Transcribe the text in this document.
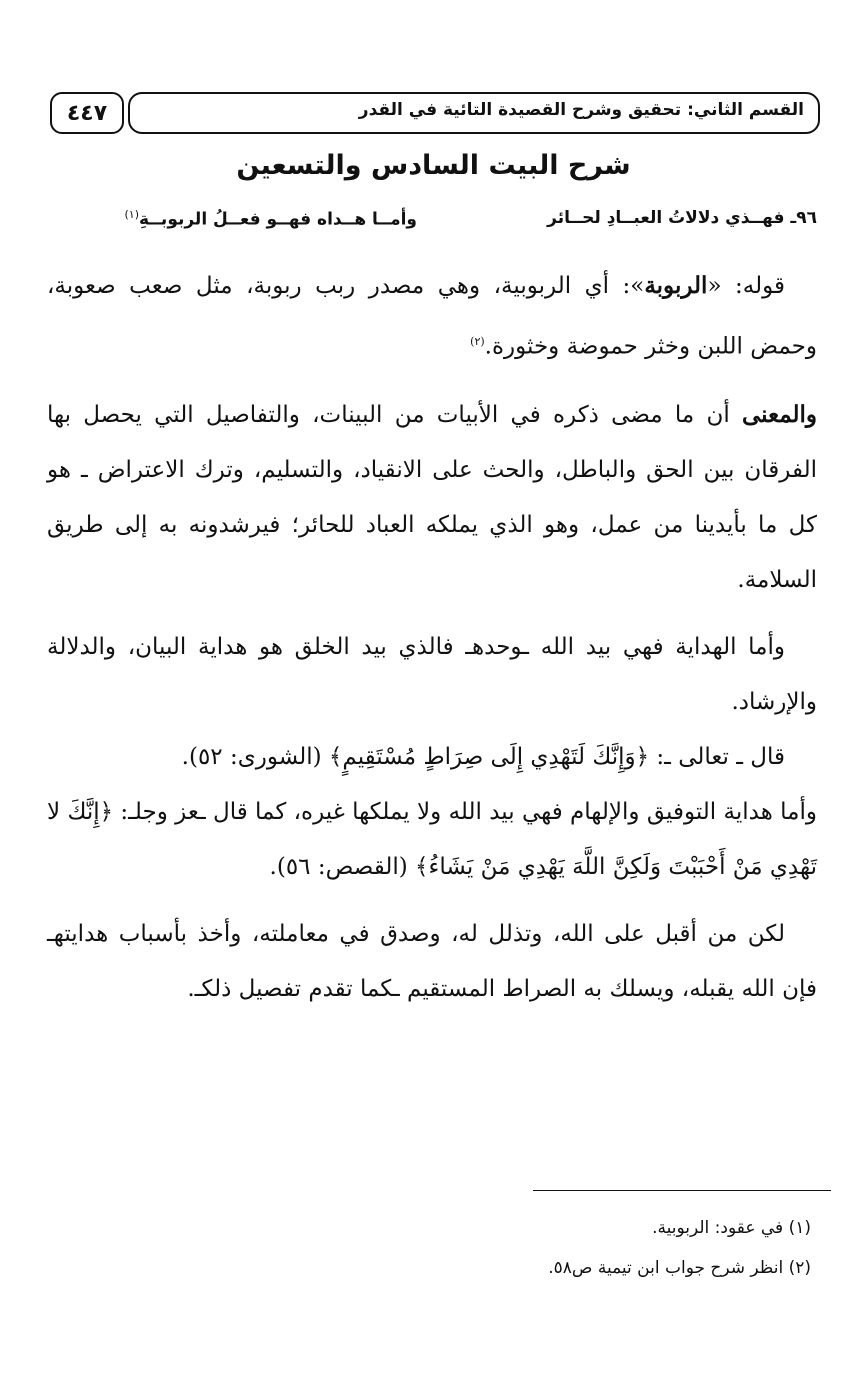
القسم الثاني: تحقيق وشرح القصيدة التائية في القدر
٤٤٧
شرح البيت السادس والتسعين
٩٦ـ فهــذي دلالاتُ العبــادِ لحــائر
وأمــا هــداه فهــو فعــلُ الربوبــةِ$^{(١)}$

قوله: «الربوبة»: أي الربوبية، وهي مصدر ربب ربوبة، مثل صعب صعوبة، وحمض اللبن وخثر حموضة وخثورة.$^{(٢)}$

والمعنى أن ما مضى ذكره في الأبيات من البينات، والتفاصيل التي يحصل بها الفرقان بين الحق والباطل، والحث على الانقياد، والتسليم، وترك الاعتراض ـ هو كل ما بأيدينا من عمل، وهو الذي يملكه العباد للحائر؛ فيرشدونه به إلى طريق السلامة.

وأما الهداية فهي بيد الله ـوحدهـ فالذي بيد الخلق هو هداية البيان، والدلالة والإرشاد.

قال ـ تعالى ـ: ﴿وَإِنَّكَ لَتَهْدِي إِلَى صِرَاطٍ مُسْتَقِيمٍ﴾ (الشورى: ٥٢).

وأما هداية التوفيق والإلهام فهي بيد الله ولا يملكها غيره، كما قال ـعز وجلـ: ﴿إِنَّكَ لا تَهْدِي مَنْ أَحْبَبْتَ وَلَكِنَّ اللَّهَ يَهْدِي مَنْ يَشَاءُ﴾ (القصص: ٥٦).

لكن من أقبل على الله، وتذلل له، وصدق في معاملته، وأخذ بأسباب هدايتهـ فإن الله يقبله، ويسلك به الصراط المستقيم ـكما تقدم تفصيل ذلكـ.

(١) في عقود: الربوبية.

(٢) انظر شرح جواب ابن تيمية ص٥٨.
